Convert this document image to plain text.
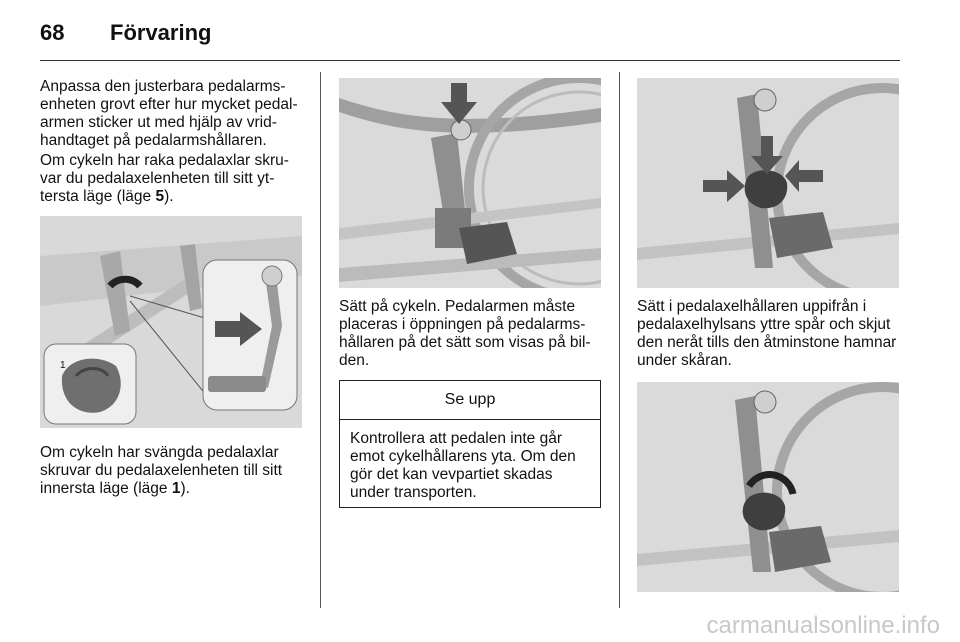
68 Förvaring

Anpassa den justerbara pedalarms-enheten grovt efter hur mycket pedal-armen sticker ut med hjälp av vrid-handtaget på pedalarmshållaren.

Om cykeln har raka pedalaxlar skru-var du pedalaxelenheten till sitt yt-tersta läge (läge 5).

1

Om cykeln har svängda pedalaxlar skruvar du pedalaxelenheten till sitt innersta läge (läge 1).

Sätt på cykeln. Pedalarmen måste placeras i öppningen på pedalarms-hållaren på det sätt som visas på bil-den.

Se upp

Kontrollera att pedalen inte går emot cykelhållarens yta. Om den gör det kan vevpartiet skadas under transporten.

Sätt i pedalaxelhållaren uppifrån i pedalaxelhylsans yttre spår och skjut den neråt tills den åtminstone hamnar under skåran.

carmanualsonline.info
